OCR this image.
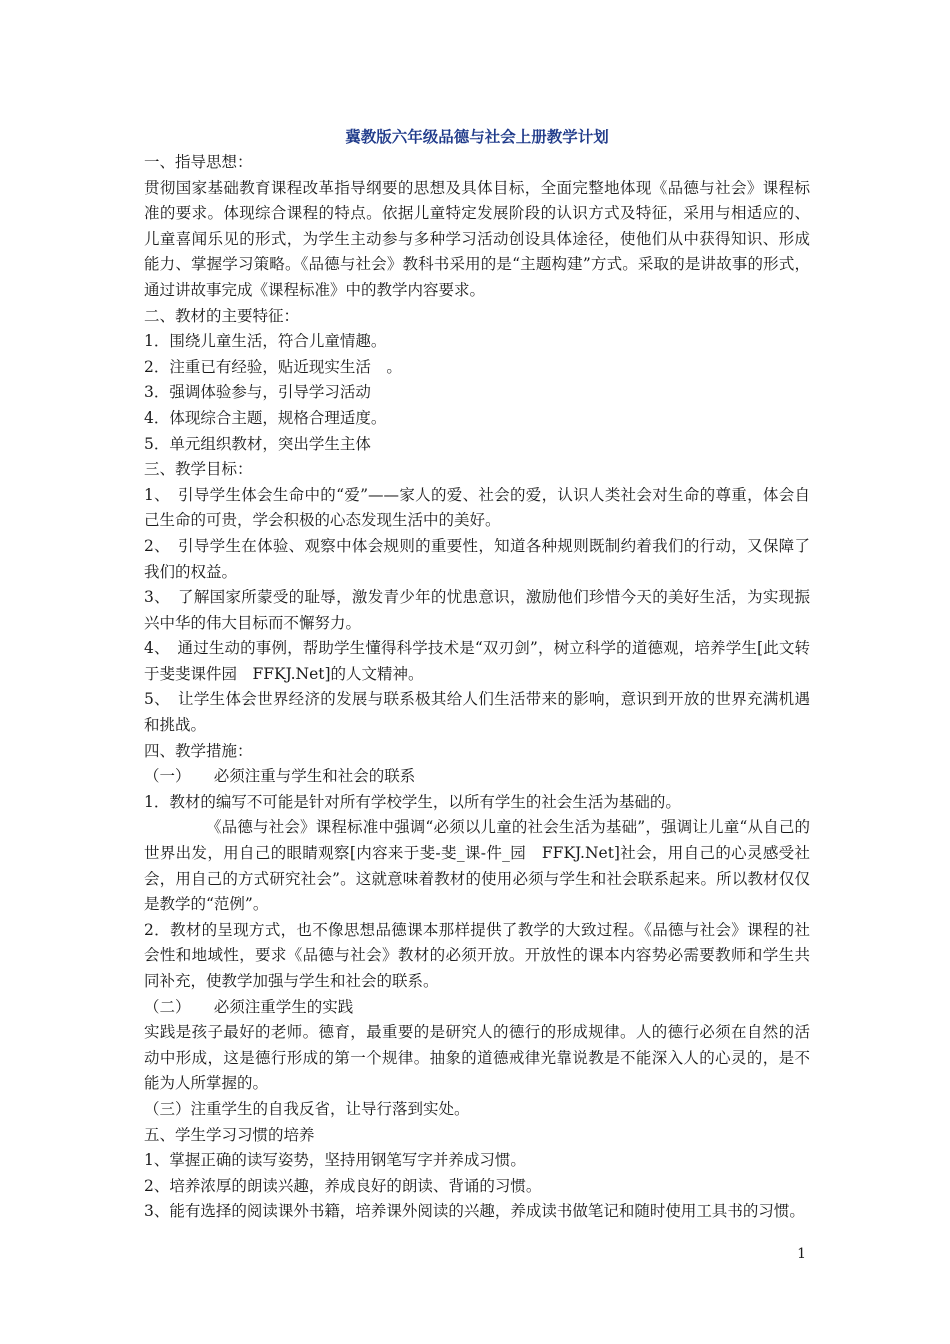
冀教版六年级品德与社会上册教学计划
一、指导思想：
贯彻国家基础教育课程改革指导纲要的思想及具体目标，全面完整地体现《品德与社会》课程标准的要求。体现综合课程的特点。依据儿童特定发展阶段的认识方式及特征，采用与相适应的、儿童喜闻乐见的形式，为学生主动参与多种学习活动创设具体途径，使他们从中获得知识、形成能力、掌握学习策略。《品德与社会》教科书采用的是“主题构建”方式。采取的是讲故事的形式，通过讲故事完成《课程标准》中的教学内容要求。
二、教材的主要特征：
1．围绕儿童生活，符合儿童情趣。
2．注重已有经验，贴近现实生活　。
3．强调体验参与，引导学习活动
4．体现综合主题，规格合理适度。
5．单元组织教材，突出学生主体
三、教学目标：
1、　引导学生体会生命中的“爱”——家人的爱、社会的爱，认识人类社会对生命的尊重，体会自己生命的可贵，学会积极的心态发现生活中的美好。
2、　引导学生在体验、观察中体会规则的重要性，知道各种规则既制约着我们的行动，又保障了我们的权益。
3、　了解国家所蒙受的耻辱，激发青少年的忧患意识，激励他们珍惜今天的美好生活，为实现振兴中华的伟大目标而不懈努力。
4、　通过生动的事例，帮助学生懂得科学技术是“双刃剑”，树立科学的道德观，培养学生[此文转于斐斐课件园　FFKJ.Net]的人文精神。
5、　让学生体会世界经济的发展与联系极其给人们生活带来的影响，意识到开放的世界充满机遇和挑战。
四、教学措施：
（一）　　必须注重与学生和社会的联系
1．教材的编写不可能是针对所有学校学生，以所有学生的社会生活为基础的。
《品德与社会》课程标准中强调“必须以儿童的社会生活为基础”，强调让儿童“从自己的世界出发，用自己的眼睛观察[内容来于斐-斐_课-件_园　FFKJ.Net]社会，用自己的心灵感受社会，用自己的方式研究社会”。这就意味着教材的使用必须与学生和社会联系起来。所以教材仅仅是教学的“范例”。
2．教材的呈现方式，也不像思想品德课本那样提供了教学的大致过程。《品德与社会》课程的社会性和地域性，要求《品德与社会》教材的必须开放。开放性的课本内容势必需要教师和学生共同补充，使教学加强与学生和社会的联系。
（二）　　必须注重学生的实践
实践是孩子最好的老师。德育，最重要的是研究人的德行的形成规律。人的德行必须在自然的活动中形成，这是德行形成的第一个规律。抽象的道德戒律光靠说教是不能深入人的心灵的，是不能为人所掌握的。
（三）注重学生的自我反省，让导行落到实处。
五、学生学习习惯的培养
1、掌握正确的读写姿势，坚持用钢笔写字并养成习惯。
2、培养浓厚的朗读兴趣，养成良好的朗读、背诵的习惯。
3、能有选择的阅读课外书籍，培养课外阅读的兴趣，养成读书做笔记和随时使用工具书的习惯。
1
